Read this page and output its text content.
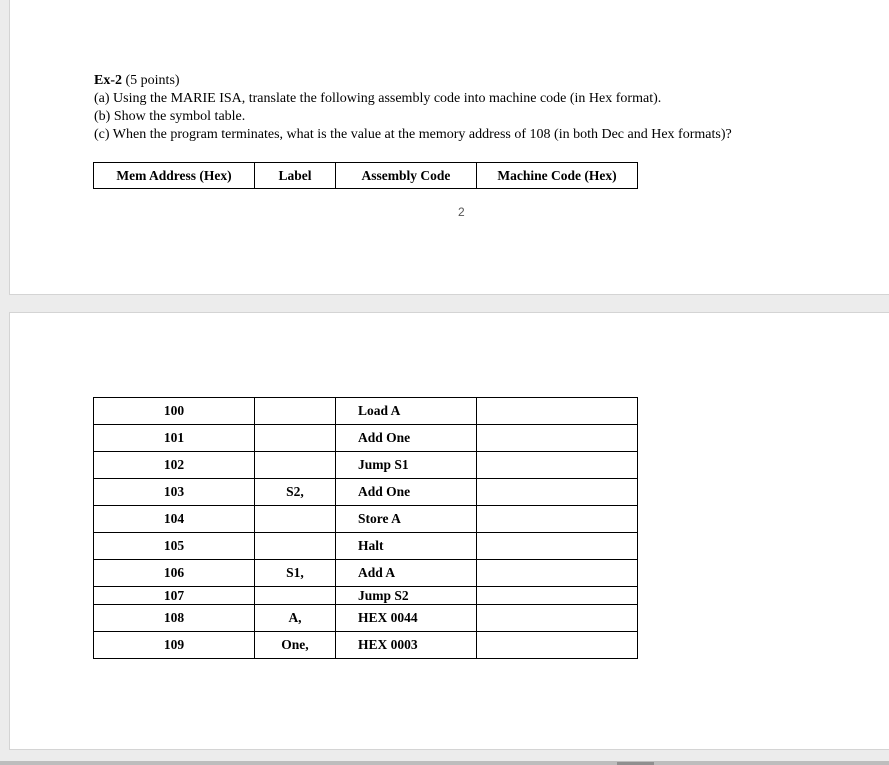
Ex-2 (5 points)
(a) Using the MARIE ISA, translate the following assembly code into machine code (in Hex format).
(b) Show the symbol table.
(c) When the program terminates, what is the value at the memory address of 108 (in both Dec and Hex formats)?
Mem Address (Hex)	Label	Assembly Code	Machine Code (Hex)
2
100		Load A	
101		Add One	
102		Jump S1	
103	S2,	Add One	
104		Store A	
105		Halt	
106	S1,	Add A	
107		Jump S2	
108	A,	HEX 0044	
109	One,	HEX 0003	
